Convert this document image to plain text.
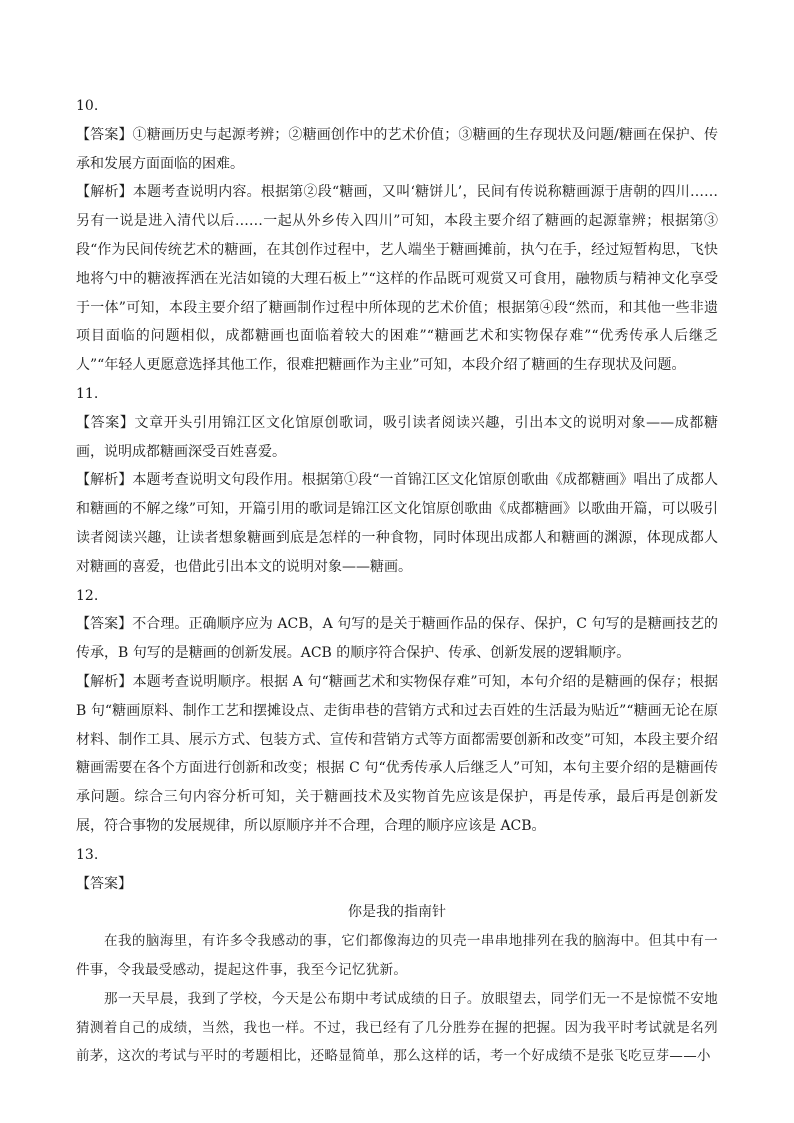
10.

【答案】①糖画历史与起源考辨；②糖画创作中的艺术价值；③糖画的生存现状及问题/糖画在保护、传承和发展方面面临的困难。

【解析】本题考查说明内容。根据第②段“糖画，又叫‘糖饼儿’，民间有传说称糖画源于唐朝的四川……另有一说是进入清代以后……一起从外乡传入四川”可知，本段主要介绍了糖画的起源靠辨；根据第③段“作为民间传统艺术的糖画，在其创作过程中，艺人端坐于糖画摊前，执勺在手，经过短暂构思，飞快地将勺中的糖液挥洒在光洁如镜的大理石板上”“这样的作品既可观赏又可食用，融物质与精神文化享受于一体”可知，本段主要介绍了糖画制作过程中所体现的艺术价值；根据第④段“然而，和其他一些非遗项目面临的问题相似，成都糖画也面临着较大的困难”“糖画艺术和实物保存难”“优秀传承人后继乏人”“年轻人更愿意选择其他工作，很难把糖画作为主业”可知，本段介绍了糖画的生存现状及问题。

11.

【答案】文章开头引用锦江区文化馆原创歌词，吸引读者阅读兴趣，引出本文的说明对象——成都糖画，说明成都糖画深受百姓喜爱。

【解析】本题考查说明文句段作用。根据第①段“一首锦江区文化馆原创歌曲《成都糖画》唱出了成都人和糖画的不解之缘”可知，开篇引用的歌词是锦江区文化馆原创歌曲《成都糖画》以歌曲开篇，可以吸引读者阅读兴趣，让读者想象糖画到底是怎样的一种食物，同时体现出成都人和糖画的渊源，体现成都人对糖画的喜爱，也借此引出本文的说明对象——糖画。

12.

【答案】不合理。正确顺序应为 ACB，A 句写的是关于糖画作品的保存、保护，C 句写的是糖画技艺的传承，B 句写的是糖画的创新发展。ACB 的顺序符合保护、传承、创新发展的逻辑顺序。

【解析】本题考查说明顺序。根据 A 句“糖画艺术和实物保存难”可知，本句介绍的是糖画的保存；根据 B 句“糖画原料、制作工艺和摆摊设点、走街串巷的营销方式和过去百姓的生活最为贴近”“糖画无论在原材料、制作工具、展示方式、包装方式、宣传和营销方式等方面都需要创新和改变”可知，本段主要介绍糖画需要在各个方面进行创新和改变；根据 C 句“优秀传承人后继乏人”可知，本句主要介绍的是糖画传承问题。综合三句内容分析可知，关于糖画技术及实物首先应该是保护，再是传承，最后再是创新发展，符合事物的发展规律，所以原顺序并不合理，合理的顺序应该是 ACB。

13.

【答案】

你是我的指南针

在我的脑海里，有许多令我感动的事，它们都像海边的贝壳一串串地排列在我的脑海中。但其中有一件事，令我最受感动，提起这件事，我至今记忆犹新。

那一天早晨，我到了学校，今天是公布期中考试成绩的日子。放眼望去，同学们无一不是惊慌不安地猜测着自己的成绩，当然，我也一样。不过，我已经有了几分胜券在握的把握。因为我平时考试就是名列前茅，这次的考试与平时的考题相比，还略显简单，那么这样的话，考一个好成绩不是张飞吃豆芽——小
